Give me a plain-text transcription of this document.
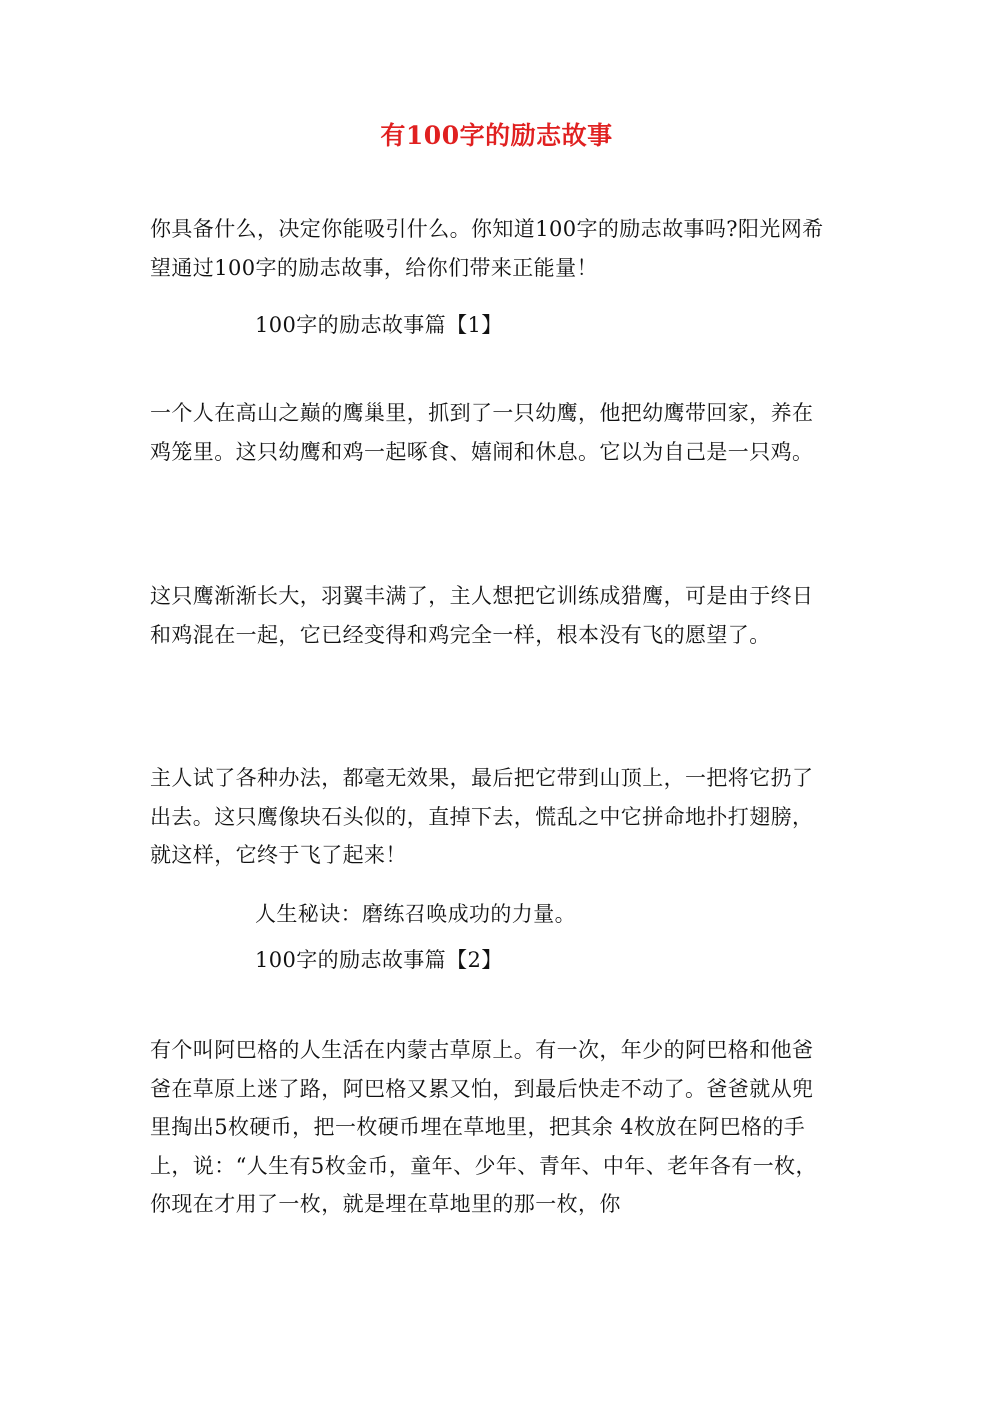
有100字的励志故事
你具备什么，决定你能吸引什么。你知道100字的励志故事吗?阳光网希望通过100字的励志故事，给你们带来正能量！
100字的励志故事篇【1】
一个人在高山之巅的鹰巢里，抓到了一只幼鹰，他把幼鹰带回家，养在鸡笼里。这只幼鹰和鸡一起啄食、嬉闹和休息。它以为自己是一只鸡。
这只鹰渐渐长大，羽翼丰满了，主人想把它训练成猎鹰，可是由于终日和鸡混在一起，它已经变得和鸡完全一样，根本没有飞的愿望了。
主人试了各种办法，都毫无效果，最后把它带到山顶上，一把将它扔了出去。这只鹰像块石头似的，直掉下去，慌乱之中它拼命地扑打翅膀，就这样，它终于飞了起来！
人生秘诀：磨练召唤成功的力量。
100字的励志故事篇【2】
有个叫阿巴格的人生活在内蒙古草原上。有一次，年少的阿巴格和他爸爸在草原上迷了路，阿巴格又累又怕，到最后快走不动了。爸爸就从兜里掏出5枚硬币，把一枚硬币埋在草地里，把其余 4枚放在阿巴格的手上，说：“人生有5枚金币，童年、少年、青年、中年、老年各有一枚，你现在才用了一枚，就是埋在草地里的那一枚，你
